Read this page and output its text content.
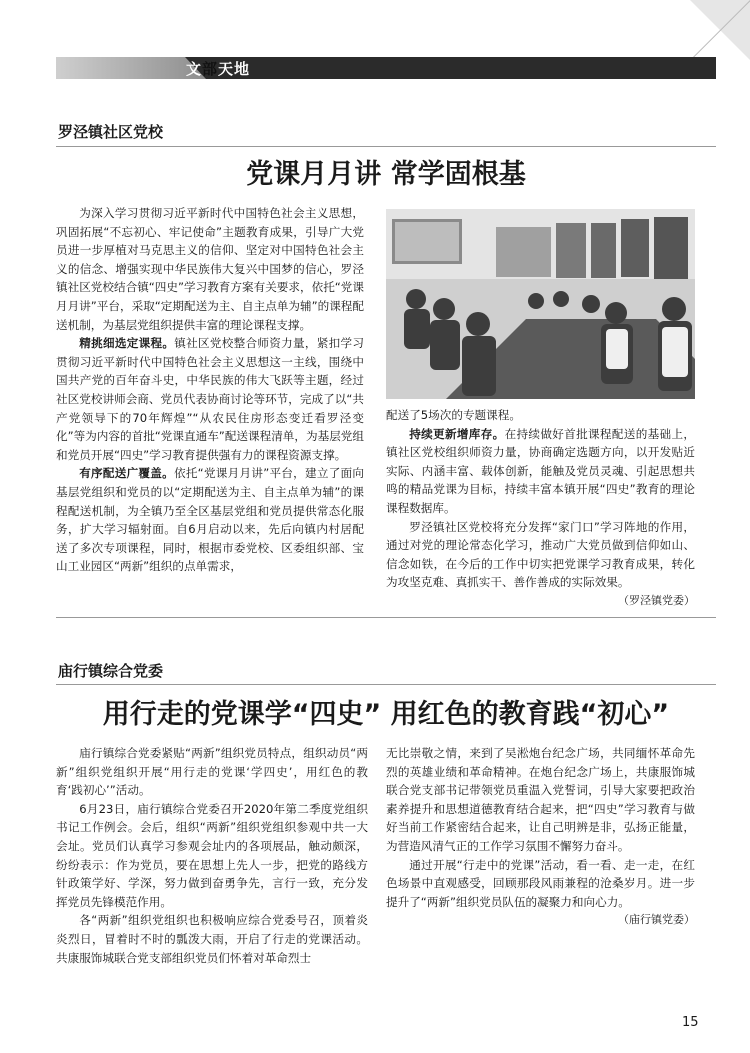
文部天地
罗泾镇社区党校
党课月月讲 常学固根基

为深入学习贯彻习近平新时代中国特色社会主义思想，巩固拓展“不忘初心、牢记使命”主题教育成果，引导广大党员进一步厚植对马克思主义的信仰、坚定对中国特色社会主义的信念、增强实现中华民族伟大复兴中国梦的信心，罗泾镇社区党校结合镇“四史”学习教育方案有关要求，依托“党课月月讲”平台，采取“定期配送为主、自主点单为辅”的课程配送机制，为基层党组织提供丰富的理论课程支撑。

精挑细选定课程。镇社区党校整合师资力量，紧扣学习贯彻习近平新时代中国特色社会主义思想这一主线，围绕中国共产党的百年奋斗史，中华民族的伟大飞跃等主题，经过社区党校讲师会商、党员代表协商讨论等环节，完成了以“共产党领导下的70年辉煌”“从农民住房形态变迁看罗泾变化”等为内容的首批“党课直通车”配送课程清单，为基层党组和党员开展“四史”学习教育提供强有力的课程资源支撑。

有序配送广覆盖。依托“党课月月讲”平台，建立了面向基层党组织和党员的以“定期配送为主、自主点单为辅”的课程配送机制，为全镇乃至全区基层党组和党员提供常态化服务，扩大学习辐射面。自6月启动以来，先后向镇内村居配送了多次专项课程，同时，根据市委党校、区委组织部、宝山工业园区“两新”组织的点单需求，

配送了5场次的专题课程。

持续更新增库存。在持续做好首批课程配送的基础上，镇社区党校组织师资力量，协商确定选题方向，以开发贴近实际、内涵丰富、载体创新，能触及党员灵魂、引起思想共鸣的精品党课为目标，持续丰富本镇开展“四史”教育的理论课程数据库。

罗泾镇社区党校将充分发挥“家门口”学习阵地的作用，通过对党的理论常态化学习，推动广大党员做到信仰如山、信念如铁，在今后的工作中切实把党课学习教育成果，转化为攻坚克难、真抓实干、善作善成的实际效果。

（罗泾镇党委）
庙行镇综合党委
用行走的党课学“四史” 用红色的教育践“初心”

庙行镇综合党委紧贴“两新”组织党员特点，组织动员“两新”组织党组织开展“用行走的党课‘学四史’，用红色的教育‘践初心’”活动。

6月23日，庙行镇综合党委召开2020年第二季度党组织书记工作例会。会后，组织“两新”组织党组织参观中共一大会址。党员们认真学习参观会址内的各项展品，触动颇深，纷纷表示：作为党员，要在思想上先人一步，把党的路线方针政策学好、学深，努力做到奋勇争先，言行一致，充分发挥党员先锋模范作用。

各“两新”组织党组织也积极响应综合党委号召，顶着炎炎烈日，冒着时不时的瓢泼大雨，开启了行走的党课活动。共康服饰城联合党支部组织党员们怀着对革命烈士

无比崇敬之情，来到了吴淞炮台纪念广场，共同缅怀革命先烈的英雄业绩和革命精神。在炮台纪念广场上，共康服饰城联合党支部书记带领党员重温入党誓词，引导大家要把政治素养提升和思想道德教育结合起来，把“四史”学习教育与做好当前工作紧密结合起来，让自己明辨是非，弘扬正能量，为营造风清气正的工作学习氛围不懈努力奋斗。

通过开展“行走中的党课”活动，看一看、走一走，在红色场景中直观感受，回顾那段风雨兼程的沧桑岁月。进一步提升了“两新”组织党员队伍的凝聚力和向心力。

（庙行镇党委）
15
